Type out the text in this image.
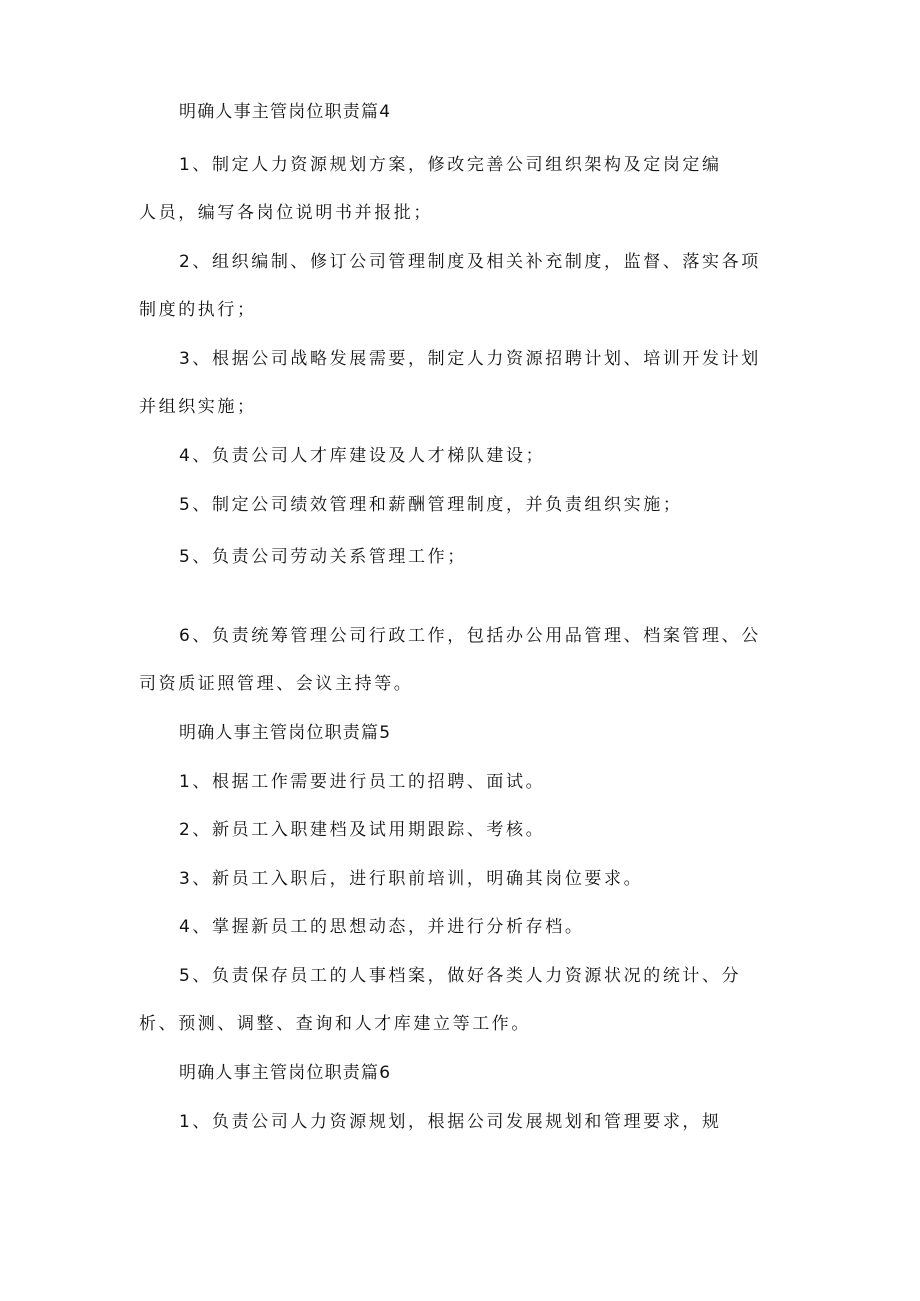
明确人事主管岗位职责篇4
1、制定人力资源规划方案，修改完善公司组织架构及定岗定编
人员，编写各岗位说明书并报批；
2、组织编制、修订公司管理制度及相关补充制度，监督、落实各项
制度的执行；
3、根据公司战略发展需要，制定人力资源招聘计划、培训开发计划
并组织实施；
4、负责公司人才库建设及人才梯队建设；
5、制定公司绩效管理和薪酬管理制度，并负责组织实施；
5、负责公司劳动关系管理工作；
6、负责统筹管理公司行政工作，包括办公用品管理、档案管理、公
司资质证照管理、会议主持等。
明确人事主管岗位职责篇5
1、根据工作需要进行员工的招聘、面试。
2、新员工入职建档及试用期跟踪、考核。
3、新员工入职后，进行职前培训，明确其岗位要求。
4、掌握新员工的思想动态，并进行分析存档。
5、负责保存员工的人事档案，做好各类人力资源状况的统计、分
析、预测、调整、查询和人才库建立等工作。
明确人事主管岗位职责篇6
1、负责公司人力资源规划，根据公司发展规划和管理要求，规
